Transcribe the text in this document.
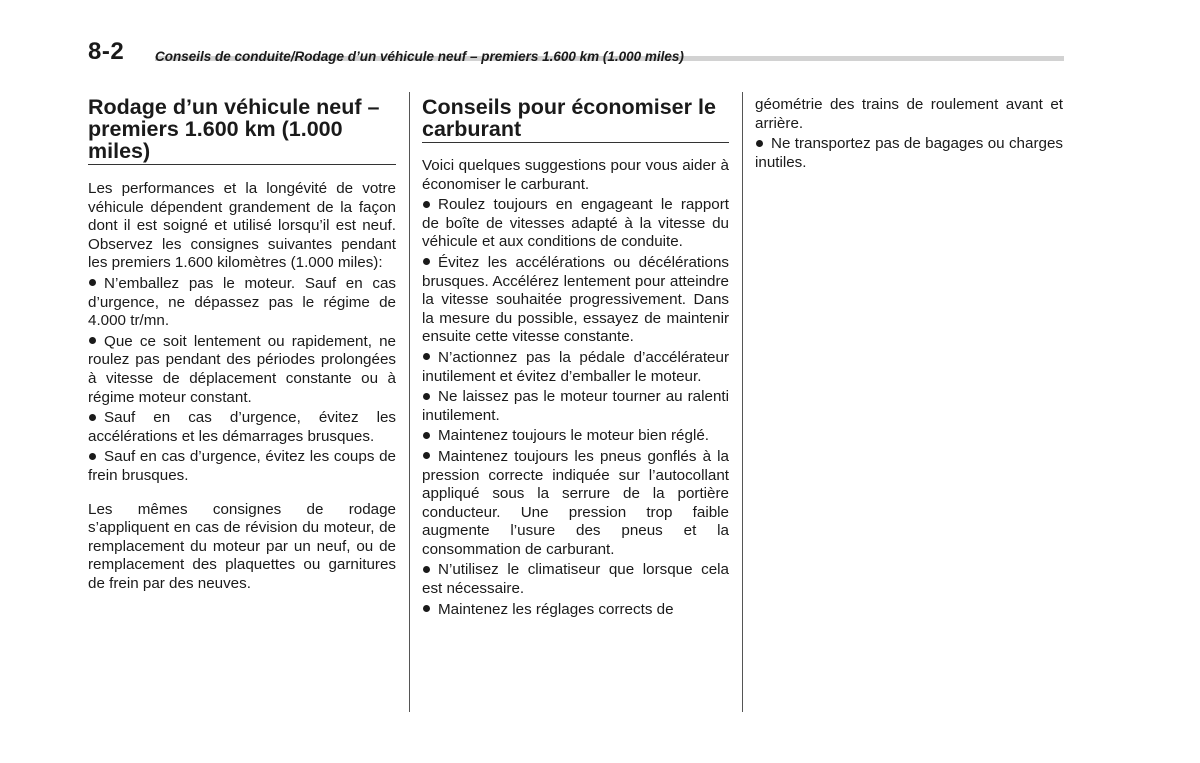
8-2 Conseils de conduite/Rodage d’un véhicule neuf – premiers 1.600 km (1.000 miles)
Rodage d’un véhicule neuf – premiers 1.600 km (1.000 miles)

Les performances et la longévité de votre véhicule dépendent grandement de la façon dont il est soigné et utilisé lorsqu’il est neuf. Observez les consignes suivantes pendant les premiers 1.600 kilomètres (1.000 miles):

N’emballez pas le moteur. Sauf en cas d’urgence, ne dépassez pas le régime de 4.000 tr/mn.
Que ce soit lentement ou rapidement, ne roulez pas pendant des périodes prolongées à vitesse de déplacement constante ou à régime moteur constant.
Sauf en cas d’urgence, évitez les accélérations et les démarrages brusques.
Sauf en cas d’urgence, évitez les coups de frein brusques.

Les mêmes consignes de rodage s’appliquent en cas de révision du moteur, de remplacement du moteur par un neuf, ou de remplacement des plaquettes ou garnitures de frein par des neuves.

Conseils pour économiser le carburant

Voici quelques suggestions pour vous aider à économiser le carburant.

Roulez toujours en engageant le rapport de boîte de vitesses adapté à la vitesse du véhicule et aux conditions de conduite.
Évitez les accélérations ou décélérations brusques. Accélérez lentement pour atteindre la vitesse souhaitée progressivement. Dans la mesure du possible, essayez de maintenir ensuite cette vitesse constante.
N’actionnez pas la pédale d’accélérateur inutilement et évitez d’emballer le moteur.
Ne laissez pas le moteur tourner au ralenti inutilement.
Maintenez toujours le moteur bien réglé.
Maintenez toujours les pneus gonflés à la pression correcte indiquée sur l’autocollant appliqué sous la serrure de la portière conducteur. Une pression trop faible augmente l’usure des pneus et la consommation de carburant.
N’utilisez le climatiseur que lorsque cela est nécessaire.
Maintenez les réglages corrects de

géométrie des trains de roulement avant et arrière.

Ne transportez pas de bagages ou charges inutiles.
